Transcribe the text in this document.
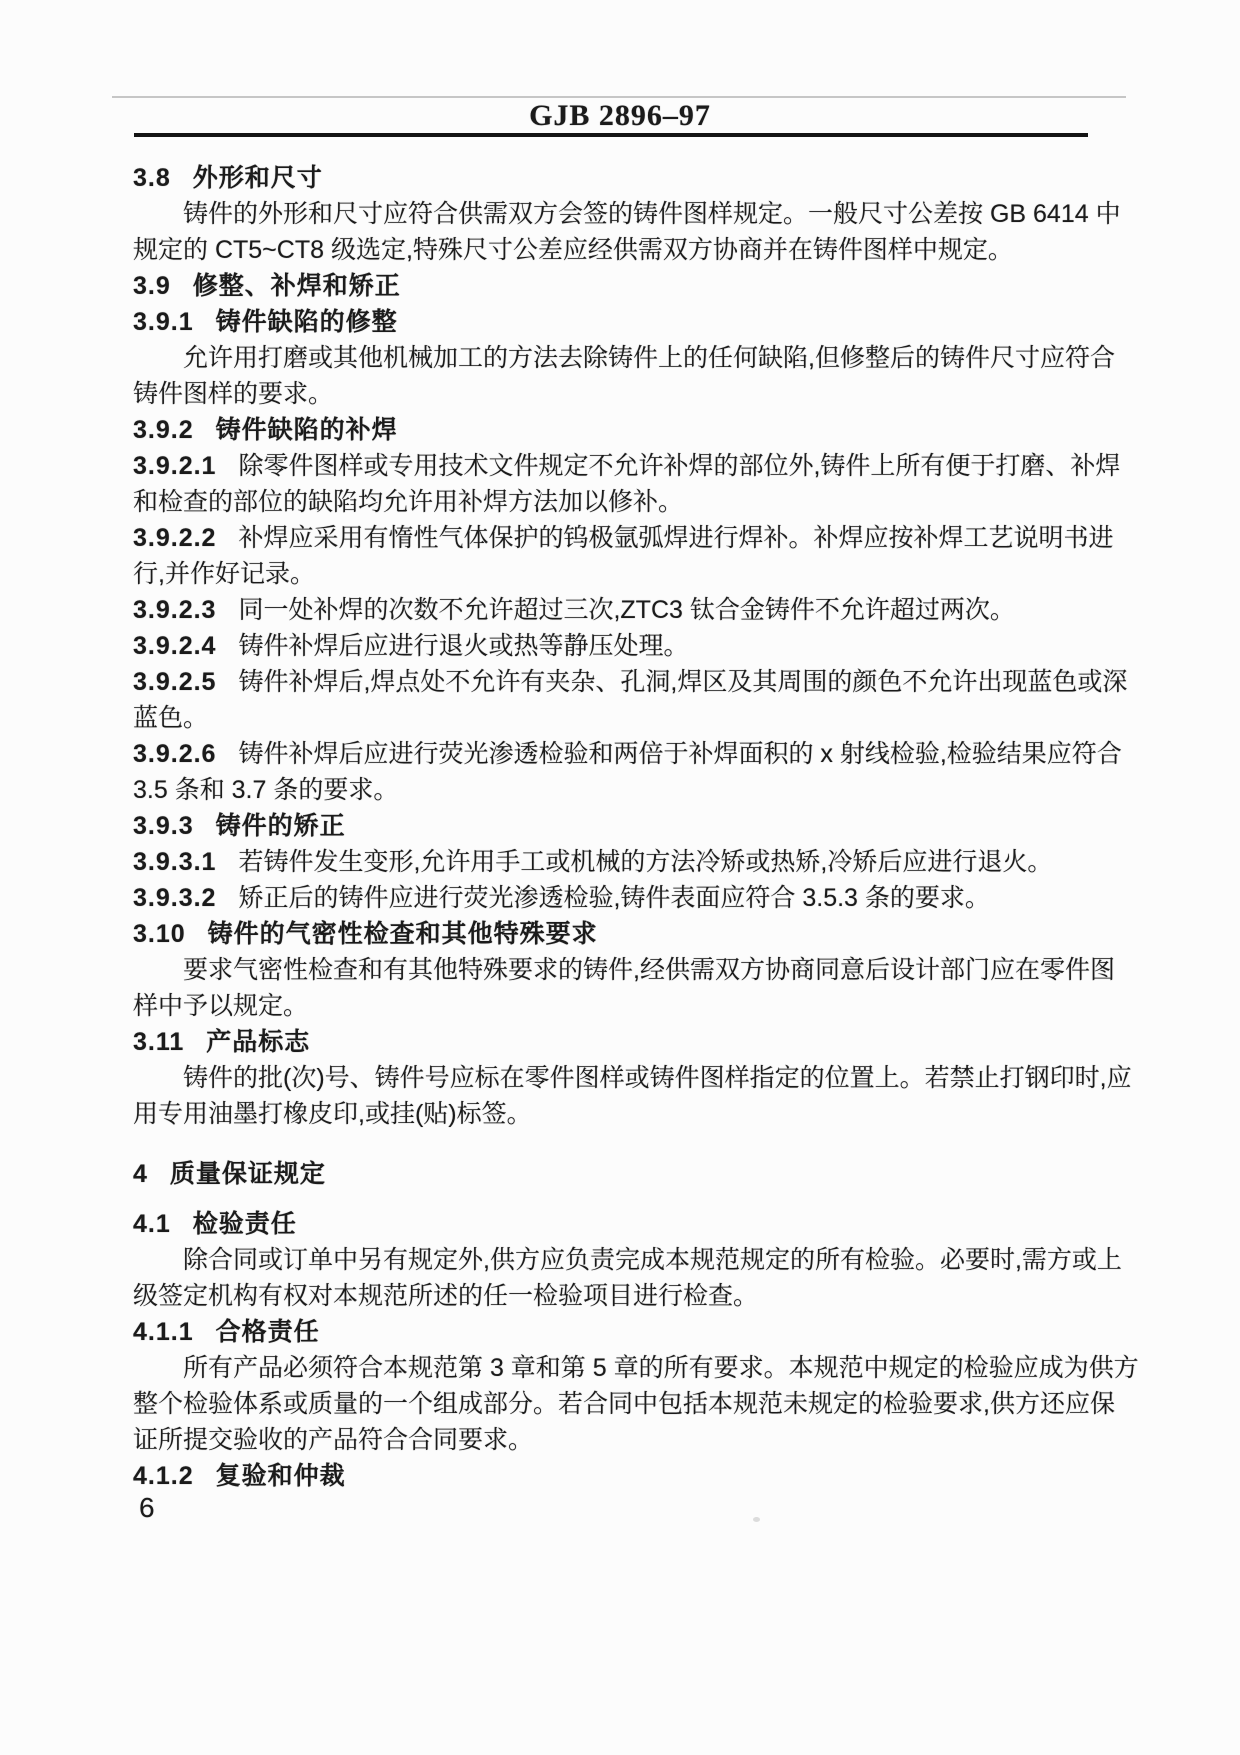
GJB 2896–97
3.8 外形和尺寸
铸件的外形和尺寸应符合供需双方会签的铸件图样规定。一般尺寸公差按 GB 6414 中
规定的 CT5~CT8 级选定,特殊尺寸公差应经供需双方协商并在铸件图样中规定。
3.9 修整、补焊和矫正
3.9.1 铸件缺陷的修整
允许用打磨或其他机械加工的方法去除铸件上的任何缺陷,但修整后的铸件尺寸应符合
铸件图样的要求。
3.9.2 铸件缺陷的补焊
3.9.2.1 除零件图样或专用技术文件规定不允许补焊的部位外,铸件上所有便于打磨、补焊
和检查的部位的缺陷均允许用补焊方法加以修补。
3.9.2.2 补焊应采用有惰性气体保护的钨极氩弧焊进行焊补。补焊应按补焊工艺说明书进
行,并作好记录。
3.9.2.3 同一处补焊的次数不允许超过三次,ZTC3 钛合金铸件不允许超过两次。
3.9.2.4 铸件补焊后应进行退火或热等静压处理。
3.9.2.5 铸件补焊后,焊点处不允许有夹杂、孔洞,焊区及其周围的颜色不允许出现蓝色或深
蓝色。
3.9.2.6 铸件补焊后应进行荧光渗透检验和两倍于补焊面积的 x 射线检验,检验结果应符合
3.5 条和 3.7 条的要求。
3.9.3 铸件的矫正
3.9.3.1 若铸件发生变形,允许用手工或机械的方法冷矫或热矫,冷矫后应进行退火。
3.9.3.2 矫正后的铸件应进行荧光渗透检验,铸件表面应符合 3.5.3 条的要求。
3.10 铸件的气密性检查和其他特殊要求
要求气密性检查和有其他特殊要求的铸件,经供需双方协商同意后设计部门应在零件图
样中予以规定。
3.11 产品标志
铸件的批(次)号、铸件号应标在零件图样或铸件图样指定的位置上。若禁止打钢印时,应
用专用油墨打橡皮印,或挂(贴)标签。
4 质量保证规定
4.1 检验责任
除合同或订单中另有规定外,供方应负责完成本规范规定的所有检验。必要时,需方或上
级签定机构有权对本规范所述的任一检验项目进行检查。
4.1.1 合格责任
所有产品必须符合本规范第 3 章和第 5 章的所有要求。本规范中规定的检验应成为供方
整个检验体系或质量的一个组成部分。若合同中包括本规范未规定的检验要求,供方还应保
证所提交验收的产品符合合同要求。
4.1.2 复验和仲裁
6
